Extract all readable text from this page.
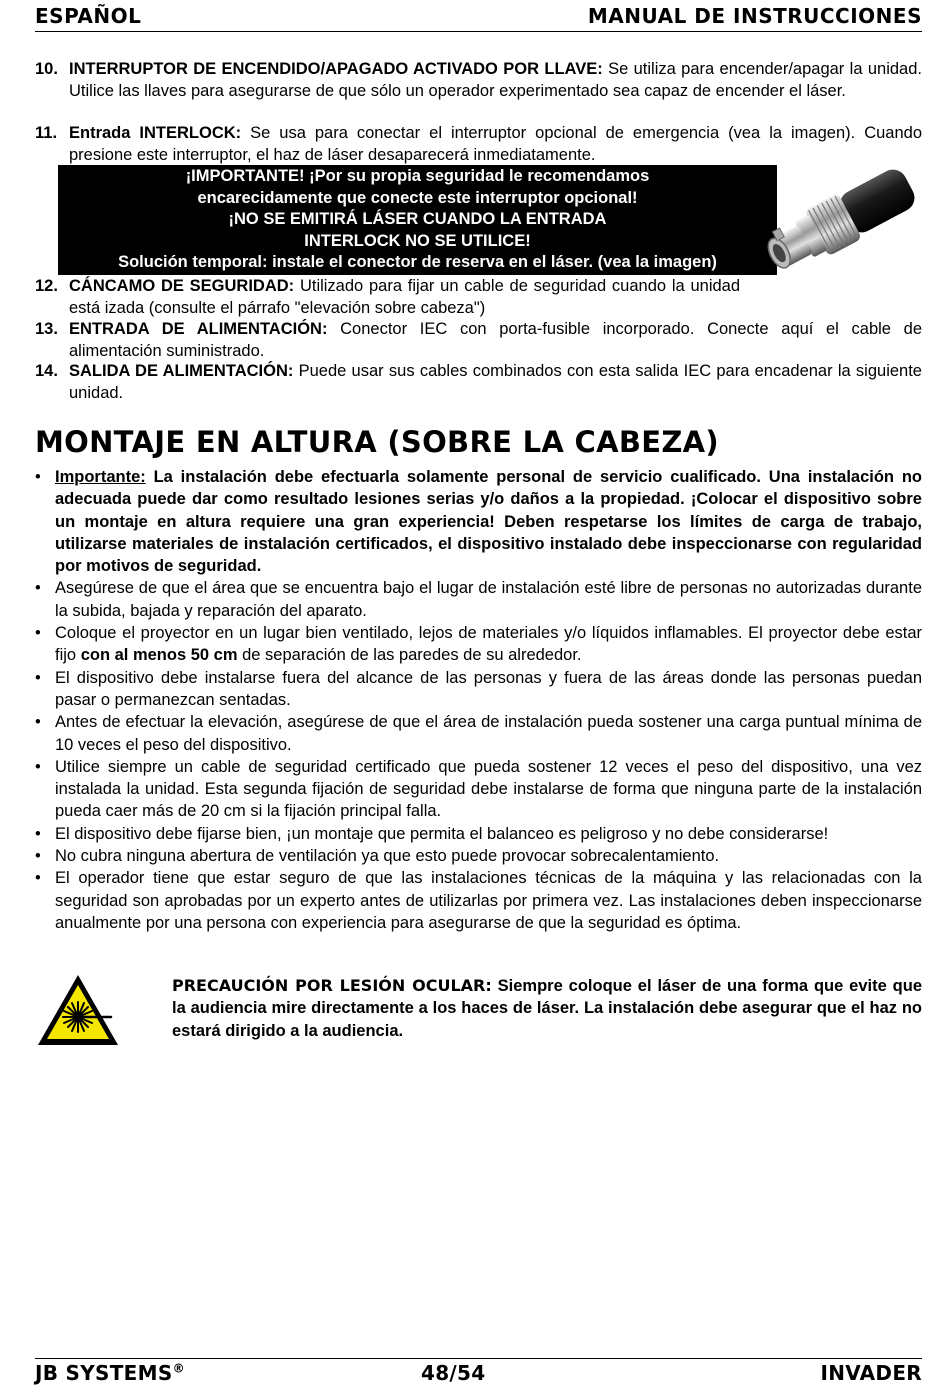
ESPAÑOL	MANUAL DE INSTRUCCIONES
10. INTERRUPTOR DE ENCENDIDO/APAGADO ACTIVADO POR LLAVE: Se utiliza para encender/apagar la unidad. Utilice las llaves para asegurarse de que sólo un operador experimentado sea capaz de encender el láser.
11. Entrada INTERLOCK: Se usa para conectar el interruptor opcional de emergencia (vea la imagen). Cuando presione este interruptor, el haz de láser desaparecerá inmediatamente.
¡IMPORTANTE! ¡Por su propia seguridad le recomendamos
encarecidamente que conecte este interruptor opcional!
¡NO SE EMITIRÁ LÁSER CUANDO LA ENTRADA
INTERLOCK NO SE UTILICE!
Solución temporal: instale el conector de reserva en el láser. (vea la imagen)
12. CÁNCAMO DE SEGURIDAD: Utilizado para fijar un cable de seguridad cuando la unidad está izada (consulte el párrafo "elevación sobre cabeza")
13. ENTRADA DE ALIMENTACIÓN: Conector IEC con porta-fusible incorporado. Conecte aquí el cable de alimentación suministrado.
14. SALIDA DE ALIMENTACIÓN: Puede usar sus cables combinados con esta salida IEC para encadenar la siguiente unidad.
MONTAJE EN ALTURA (SOBRE LA CABEZA)
• Importante: La instalación debe efectuarla solamente personal de servicio cualificado. Una instalación no adecuada puede dar como resultado lesiones serias y/o daños a la propiedad. ¡Colocar el dispositivo sobre un montaje en altura requiere una gran experiencia! Deben respetarse los límites de carga de trabajo, utilizarse materiales de instalación certificados, el dispositivo instalado debe inspeccionarse con regularidad por motivos de seguridad.
• Asegúrese de que el área que se encuentra bajo el lugar de instalación esté libre de personas no autorizadas durante la subida, bajada y reparación del aparato.
• Coloque el proyector en un lugar bien ventilado, lejos de materiales y/o líquidos inflamables. El proyector debe estar fijo con al menos 50 cm de separación de las paredes de su alrededor.
• El dispositivo debe instalarse fuera del alcance de las personas y fuera de las áreas donde las personas puedan pasar o permanezcan sentadas.
• Antes de efectuar la elevación, asegúrese de que el área de instalación pueda sostener una carga puntual mínima de 10 veces el peso del dispositivo.
• Utilice siempre un cable de seguridad certificado que pueda sostener 12 veces el peso del dispositivo, una vez instalada la unidad. Esta segunda fijación de seguridad debe instalarse de forma que ninguna parte de la instalación pueda caer más de 20 cm si la fijación principal falla.
• El dispositivo debe fijarse bien, ¡un montaje que permita el balanceo es peligroso y no debe considerarse!
• No cubra ninguna abertura de ventilación ya que esto puede provocar sobrecalentamiento.
• El operador tiene que estar seguro de que las instalaciones técnicas de la máquina y las relacionadas con la seguridad son aprobadas por un experto antes de utilizarlas por primera vez. Las instalaciones deben inspeccionarse anualmente por una persona con experiencia para asegurarse de que la seguridad es óptima.
PRECAUCIÓN POR LESIÓN OCULAR: Siempre coloque el láser de una forma que evite que la audiencia mire directamente a los haces de láser. La instalación debe asegurar que el haz no estará dirigido a la audiencia.
JB SYSTEMS®	48/54	INVADER
